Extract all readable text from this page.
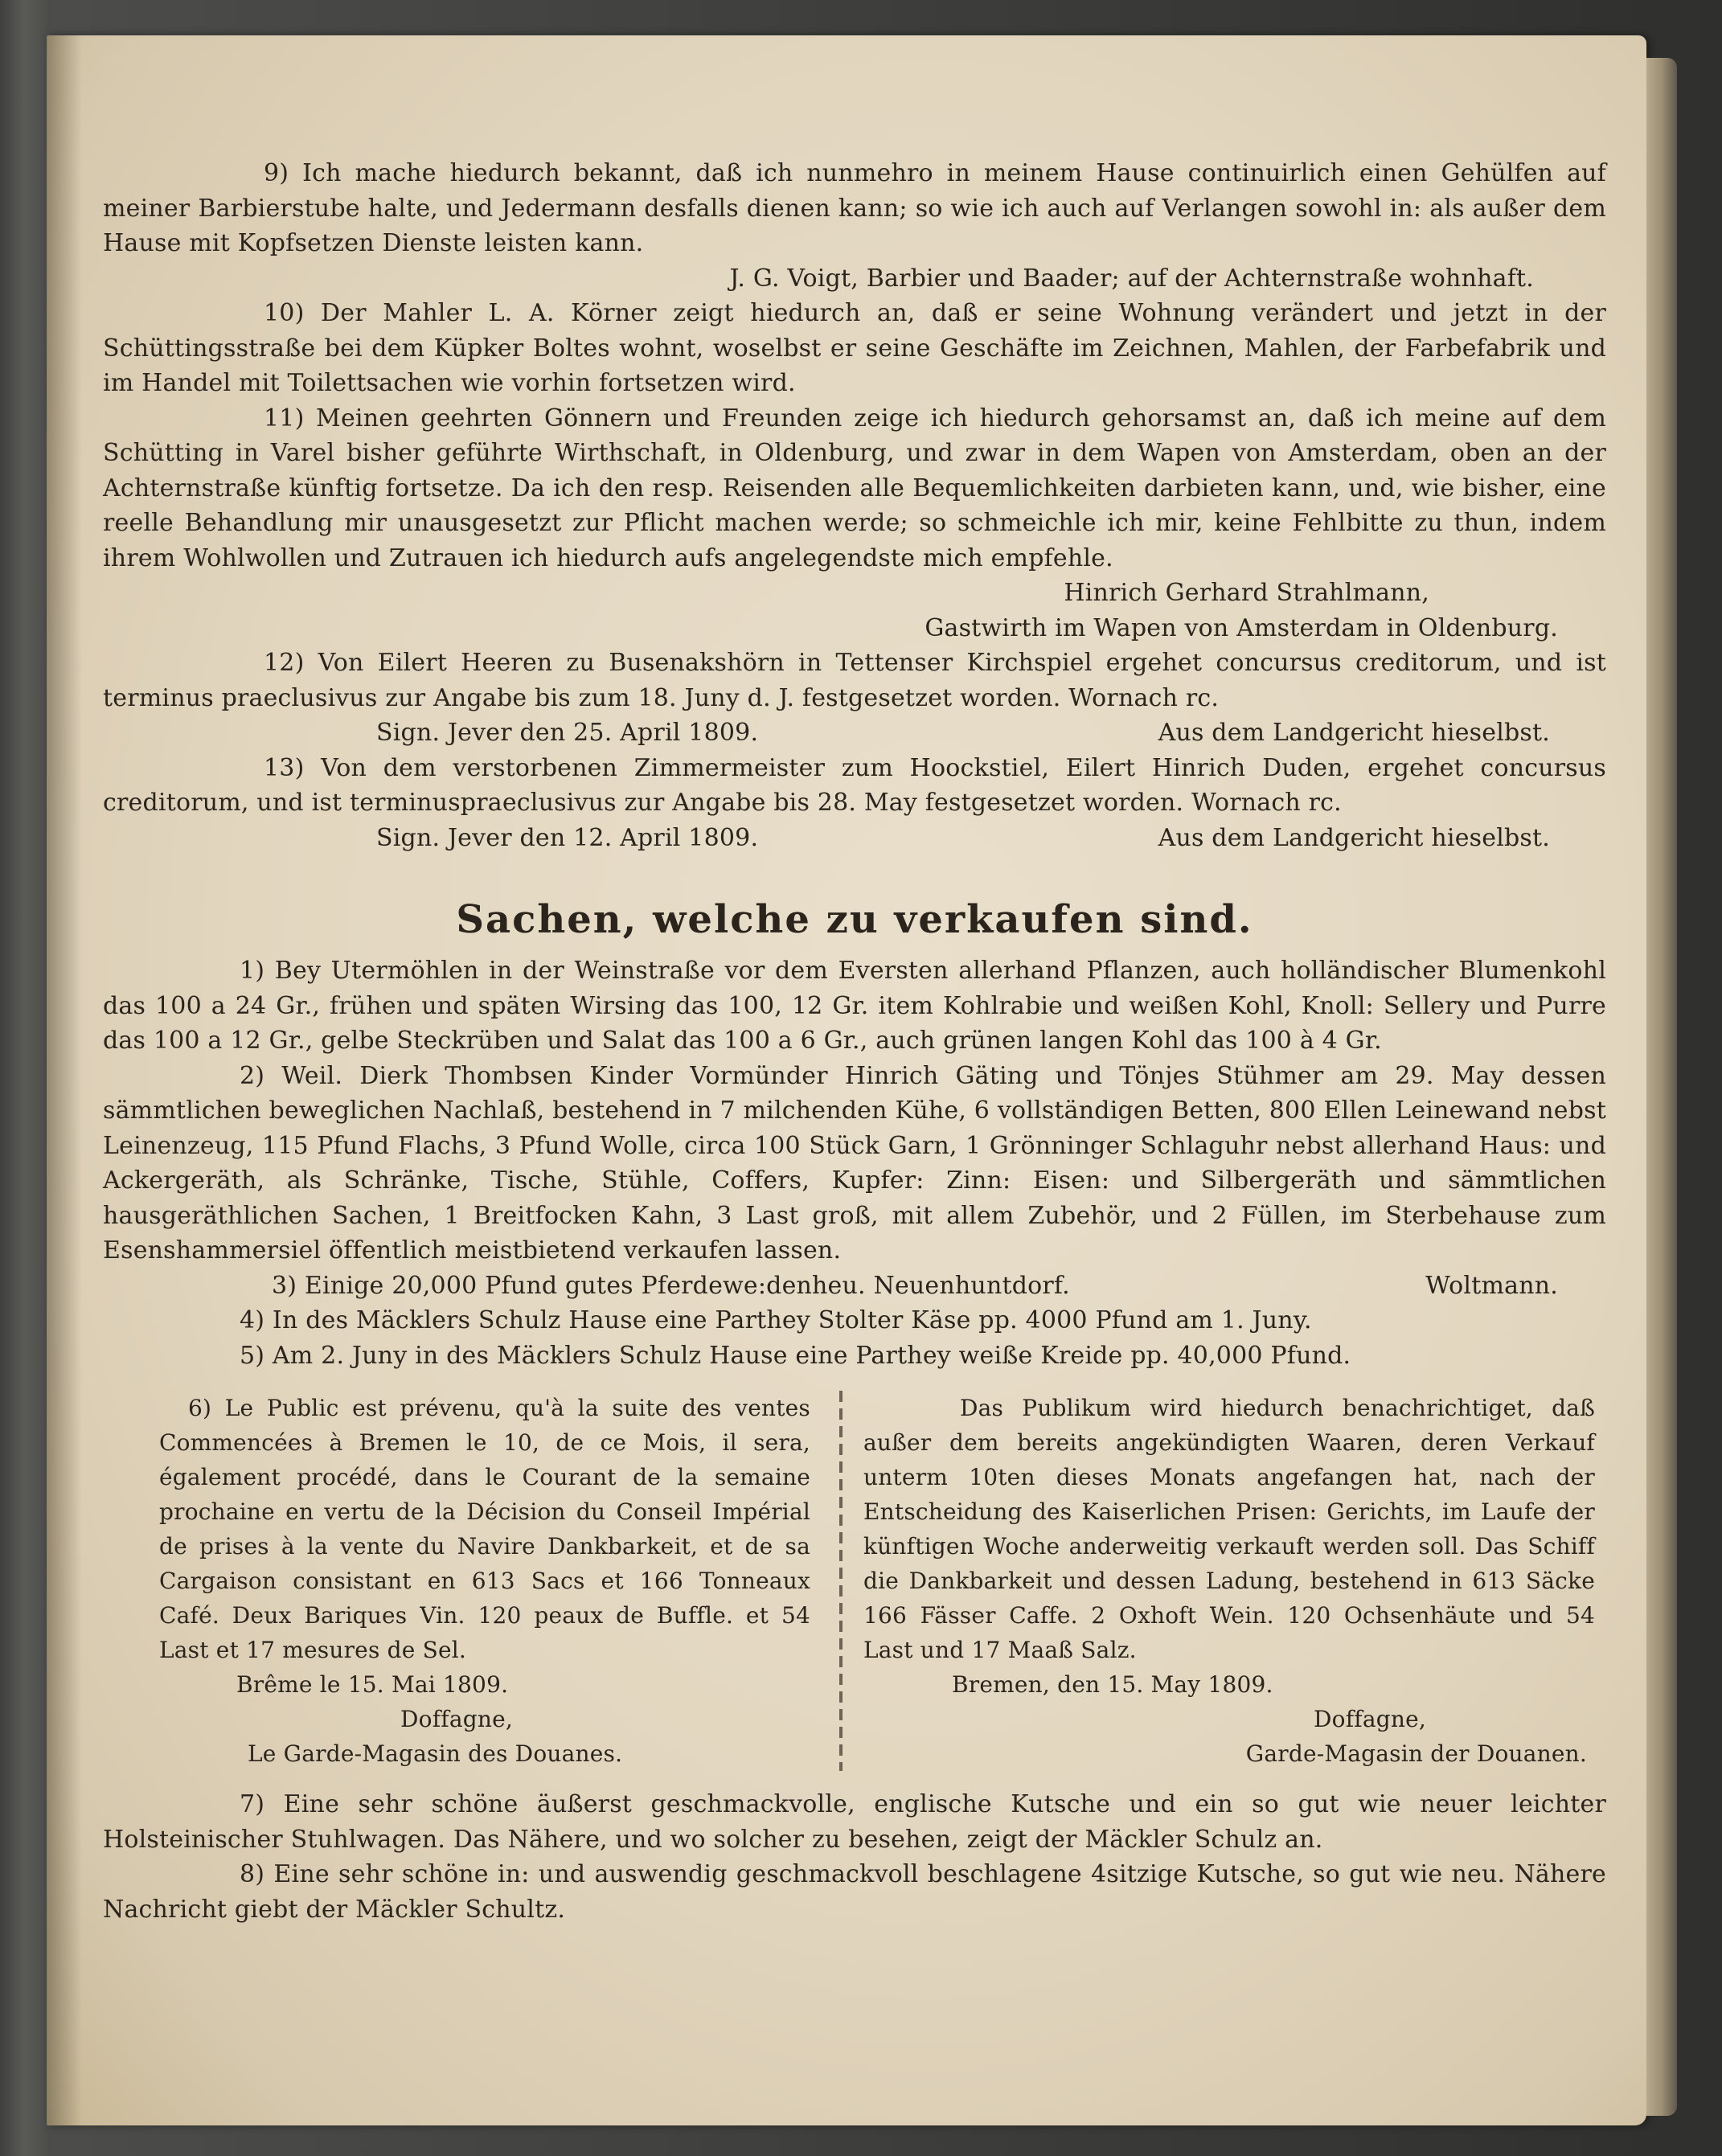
9) Ich mache hiedurch bekannt, daß ich nunmehro in meinem Hause continuirlich einen Gehülfen auf meiner Barbierstube halte, und Jedermann desfalls dienen kann; so wie ich auch auf Verlangen sowohl in: als außer dem Hause mit Kopfsetzen Dienste leisten kann.

J. G. Voigt, Barbier und Baader; auf der Achternstraße wohnhaft.

10) Der Mahler L. A. Körner zeigt hiedurch an, daß er seine Wohnung verändert und jetzt in der Schüttingsstraße bei dem Küpker Boltes wohnt, woselbst er seine Geschäfte im Zeichnen, Mahlen, der Farbefabrik und im Handel mit Toilettsachen wie vorhin fortsetzen wird.

11) Meinen geehrten Gönnern und Freunden zeige ich hiedurch gehorsamst an, daß ich meine auf dem Schütting in Varel bisher geführte Wirthschaft, in Oldenburg, und zwar in dem Wapen von Amsterdam, oben an der Achternstraße künftig fortsetze. Da ich den resp. Reisenden alle Bequemlichkeiten darbieten kann, und, wie bisher, eine reelle Behandlung mir unausgesetzt zur Pflicht machen werde; so schmeichle ich mir, keine Fehlbitte zu thun, indem ihrem Wohlwollen und Zutrauen ich hiedurch aufs angelegendste mich empfehle.

Hinrich Gerhard Strahlmann,

Gastwirth im Wapen von Amsterdam in Oldenburg.

12) Von Eilert Heeren zu Busenakshörn in Tettenser Kirchspiel ergehet concursus creditorum, und ist terminus praeclusivus zur Angabe bis zum 18. Juny d. J. festgesetzet worden. Wornach rc.

Sign. Jever den 25. April 1809.	Aus dem Landgericht hieselbst.

13) Von dem verstorbenen Zimmermeister zum Hoockstiel, Eilert Hinrich Duden, ergehet concursus creditorum, und ist terminuspraeclusivus zur Angabe bis 28. May festgesetzet worden. Wornach rc.

Sign. Jever den 12. April 1809.	Aus dem Landgericht hieselbst.
Sachen, welche zu verkaufen sind.

1) Bey Utermöhlen in der Weinstraße vor dem Eversten allerhand Pflanzen, auch holländischer Blumenkohl das 100 a 24 Gr., frühen und späten Wirsing das 100, 12 Gr. item Kohlrabie und weißen Kohl, Knoll: Sellery und Purre das 100 a 12 Gr., gelbe Steckrüben und Salat das 100 a 6 Gr., auch grünen langen Kohl das 100 à 4 Gr.

2) Weil. Dierk Thombsen Kinder Vormünder Hinrich Gäting und Tönjes Stühmer am 29. May dessen sämmtlichen beweglichen Nachlaß, bestehend in 7 milchenden Kühe, 6 vollständigen Betten, 800 Ellen Leinewand nebst Leinenzeug, 115 Pfund Flachs, 3 Pfund Wolle, circa 100 Stück Garn, 1 Grönninger Schlaguhr nebst allerhand Haus: und Ackergeräth, als Schränke, Tische, Stühle, Coffers, Kupfer: Zinn: Eisen: und Silbergeräth und sämmtlichen hausgeräthlichen Sachen, 1 Breitfocken Kahn, 3 Last groß, mit allem Zubehör, und 2 Füllen, im Sterbehause zum Esenshammersiel öffentlich meistbietend verkaufen lassen.

3) Einige 20,000 Pfund gutes Pferdewe:denheu. Neuenhuntdorf.	Woltmann.

4) In des Mäcklers Schulz Hause eine Parthey Stolter Käse pp. 4000 Pfund am 1. Juny.

5) Am 2. Juny in des Mäcklers Schulz Hause eine Parthey weiße Kreide pp. 40,000 Pfund.

6) Le Public est prévenu, qu'à la suite des ventes Commencées à Bremen le 10, de ce Mois, il sera, également procédé, dans le Courant de la semaine prochaine en vertu de la Décision du Conseil Impérial de prises à la vente du Navire Dankbarkeit, et de sa Cargaison consistant en 613 Sacs et 166 Tonneaux Café. Deux Bariques Vin. 120 peaux de Buffle. et 54 Last et 17 mesures de Sel.

Brême le 15. Mai 1809.

Doffagne,

Le Garde-Magasin des Douanes.

Das Publikum wird hiedurch benachrichtiget, daß außer dem bereits angekündigten Waaren, deren Verkauf unterm 10ten dieses Monats angefangen hat, nach der Entscheidung des Kaiserlichen Prisen: Gerichts, im Laufe der künftigen Woche anderweitig verkauft werden soll. Das Schiff die Dankbarkeit und dessen Ladung, bestehend in 613 Säcke 166 Fässer Caffe. 2 Oxhoft Wein. 120 Ochsenhäute und 54 Last und 17 Maaß Salz.

Bremen, den 15. May 1809.

Doffagne,

Garde-Magasin der Douanen.

7) Eine sehr schöne äußerst geschmackvolle, englische Kutsche und ein so gut wie neuer leichter Holsteinischer Stuhlwagen. Das Nähere, und wo solcher zu besehen, zeigt der Mäckler Schulz an.

8) Eine sehr schöne in: und auswendig geschmackvoll beschlagene 4sitzige Kutsche, so gut wie neu. Nähere Nachricht giebt der Mäckler Schultz.
